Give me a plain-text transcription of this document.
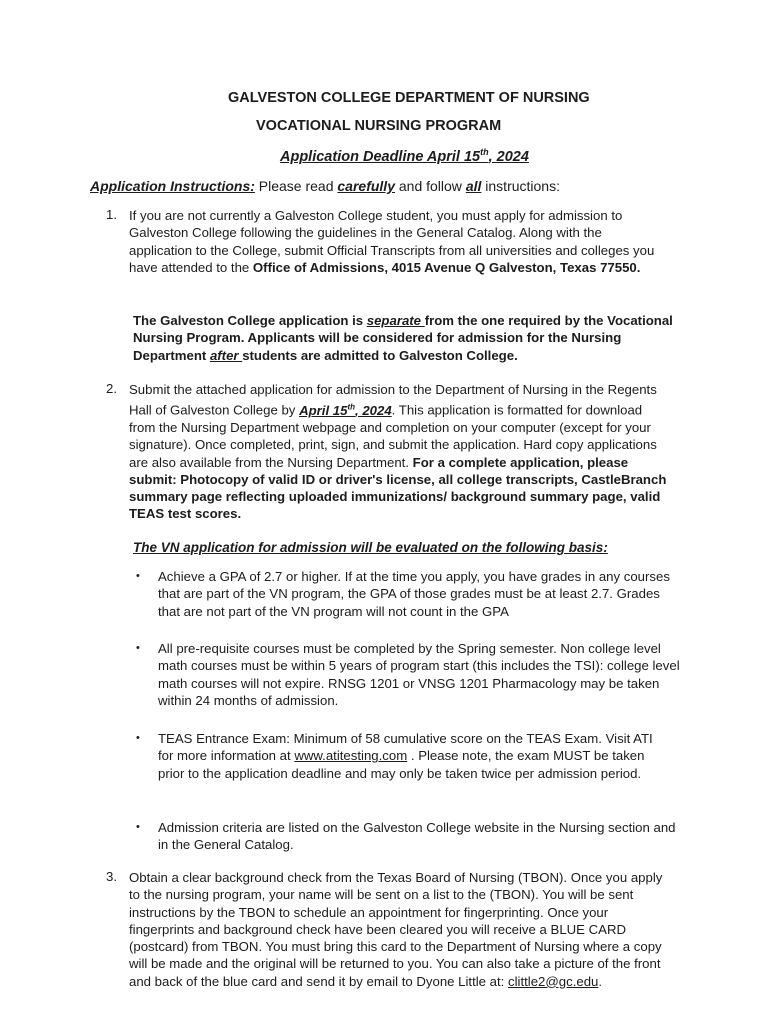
GALVESTON COLLEGE DEPARTMENT OF NURSING
VOCATIONAL NURSING PROGRAM
Application Deadline April 15th, 2024
Application Instructions: Please read carefully and follow all instructions:
1. If you are not currently a Galveston College student, you must apply for admission to Galveston College following the guidelines in the General Catalog. Along with the application to the College, submit Official Transcripts from all universities and colleges you have attended to the Office of Admissions, 4015 Avenue Q Galveston, Texas 77550.
The Galveston College application is separate from the one required by the Vocational Nursing Program. Applicants will be considered for admission for the Nursing Department after students are admitted to Galveston College.
2. Submit the attached application for admission to the Department of Nursing in the Regents Hall of Galveston College by April 15th, 2024. This application is formatted for download from the Nursing Department webpage and completion on your computer (except for your signature). Once completed, print, sign, and submit the application. Hard copy applications are also available from the Nursing Department. For a complete application, please submit: Photocopy of valid ID or driver's license, all college transcripts, CastleBranch summary page reflecting uploaded immunizations/ background summary page, valid TEAS test scores.
The VN application for admission will be evaluated on the following basis:
• Achieve a GPA of 2.7 or higher. If at the time you apply, you have grades in any courses that are part of the VN program, the GPA of those grades must be at least 2.7. Grades that are not part of the VN program will not count in the GPA
• All pre-requisite courses must be completed by the Spring semester. Non college level math courses must be within 5 years of program start (this includes the TSI): college level math courses will not expire. RNSG 1201 or VNSG 1201 Pharmacology may be taken within 24 months of admission.
• TEAS Entrance Exam: Minimum of 58 cumulative score on the TEAS Exam. Visit ATI for more information at www.atitesting.com . Please note, the exam MUST be taken prior to the application deadline and may only be taken twice per admission period.
• Admission criteria are listed on the Galveston College website in the Nursing section and in the General Catalog.
3. Obtain a clear background check from the Texas Board of Nursing (TBON). Once you apply to the nursing program, your name will be sent on a list to the (TBON). You will be sent instructions by the TBON to schedule an appointment for fingerprinting. Once your fingerprints and background check have been cleared you will receive a BLUE CARD (postcard) from TBON. You must bring this card to the Department of Nursing where a copy will be made and the original will be returned to you. You can also take a picture of the front and back of the blue card and send it by email to Dyone Little at: clittle2@gc.edu.
